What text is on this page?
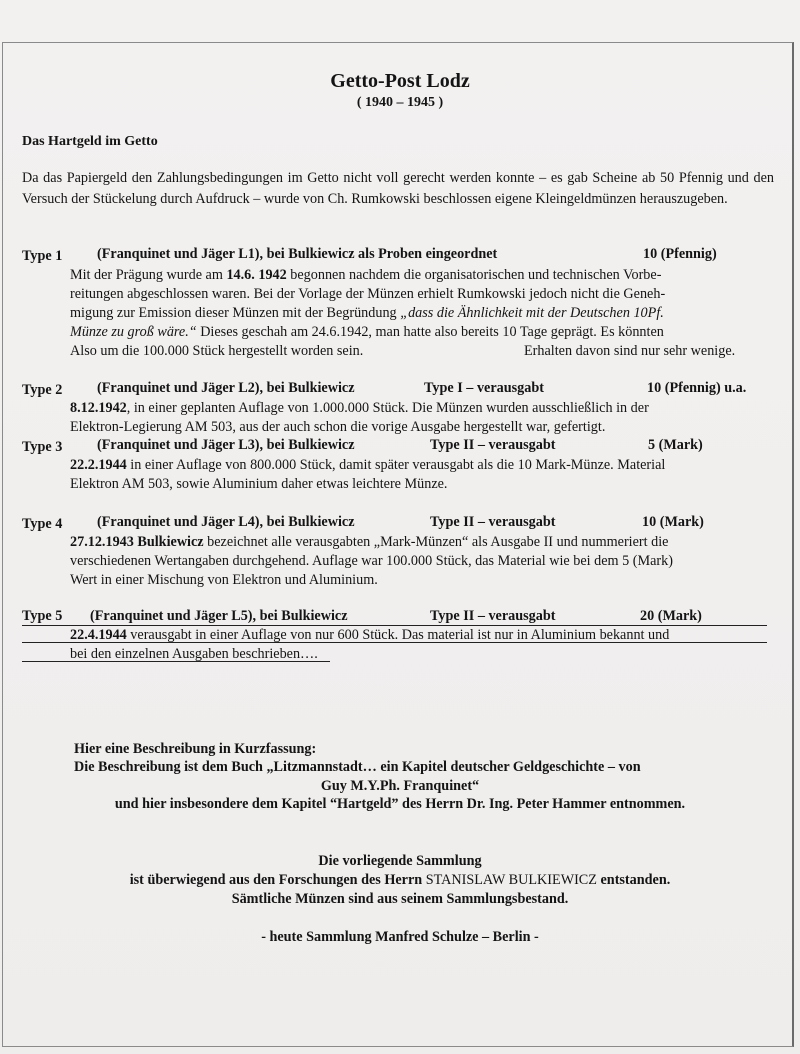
Getto-Post Lodz
( 1940 – 1945 )
Das Hartgeld im Getto
Da das Papiergeld den Zahlungsbedingungen im Getto nicht voll gerecht werden konnte – es gab Scheine ab 50 Pfennig und den Versuch der Stückelung durch Aufdruck – wurde von Ch. Rumkowski beschlossen eigene Kleingeldmünzen herauszugeben.
Type 1 (Franquinet und Jäger L1), bei Bulkiewicz als Proben eingeordnet	10 (Pfennig)
Mit der Prägung wurde am 14.6. 1942 begonnen nachdem die organisatorischen und technischen Vorbe-
reitungen abgeschlossen waren. Bei der Vorlage der Münzen erhielt Rumkowski jedoch nicht die Geneh-
migung zur Emission dieser Münzen mit der Begründung „dass die Ähnlichkeit mit der Deutschen 10Pf.
Münze zu groß wäre.“ Dieses geschah am 24.6.1942, man hatte also bereits 10 Tage geprägt. Es könnten
Also um die 100.000 Stück hergestellt worden sein.	Erhalten davon sind nur sehr wenige.
Type 2 (Franquinet und Jäger L2), bei Bulkiewicz	Type I – verausgabt	10 (Pfennig) u.a.
8.12.1942, in einer geplanten Auflage von 1.000.000 Stück. Die Münzen wurden ausschließlich in der
Elektron-Legierung AM 503, aus der auch schon die vorige Ausgabe hergestellt war, gefertigt.
Type 3 (Franquinet und Jäger L3), bei Bulkiewicz	Type II – verausgabt	5 (Mark)
22.2.1944 in einer Auflage von 800.000 Stück, damit später verausgabt als die 10 Mark-Münze. Material
Elektron AM 503, sowie Aluminium daher etwas leichtere Münze.
Type 4 (Franquinet und Jäger L4), bei Bulkiewicz	Type II – verausgabt	10 (Mark)
27.12.1943 Bulkiewicz bezeichnet alle verausgabten „Mark-Münzen“ als Ausgabe II und nummeriert die
verschiedenen Wertangaben durchgehend. Auflage war 100.000 Stück, das Material wie bei dem 5 (Mark)
Wert in einer Mischung von Elektron und Aluminium.
Type 5 (Franquinet und Jäger L5), bei Bulkiewicz	Type II – verausgabt	20 (Mark)
22.4.1944 verausgabt in einer Auflage von nur 600 Stück. Das material ist nur in Aluminium bekannt und
bei den einzelnen Ausgaben beschrieben….
Hier eine Beschreibung in Kurzfassung:
Die Beschreibung ist dem Buch „Litzmannstadt… ein Kapitel deutscher Geldgeschichte – von
Guy M.Y.Ph. Franquinet“
und hier insbesondere dem Kapitel “Hartgeld” des Herrn Dr. Ing. Peter Hammer entnommen.
Die vorliegende Sammlung
ist überwiegend aus den Forschungen des Herrn STANISLAW BULKIEWICZ entstanden.
Sämtliche Münzen sind aus seinem Sammlungsbestand.
- heute Sammlung Manfred Schulze – Berlin -
